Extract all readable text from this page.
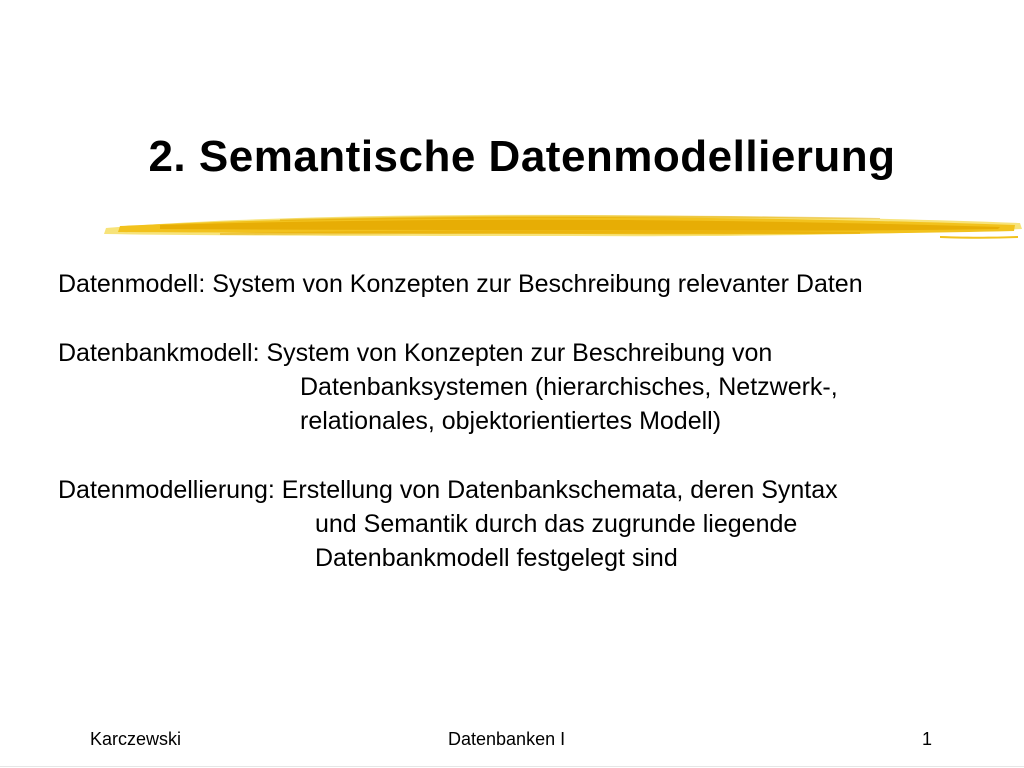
2. Semantische Datenmodellierung
Datenmodell: System von Konzepten zur Beschreibung relevanter Daten
Datenbankmodell: System von Konzepten zur Beschreibung von
Datenbanksystemen (hierarchisches, Netzwerk-,
relationales, objektorientiertes Modell)
Datenmodellierung: Erstellung von Datenbankschemata, deren Syntax
und Semantik durch das zugrunde liegende
Datenbankmodell festgelegt sind
Karczewski	Datenbanken I	1
